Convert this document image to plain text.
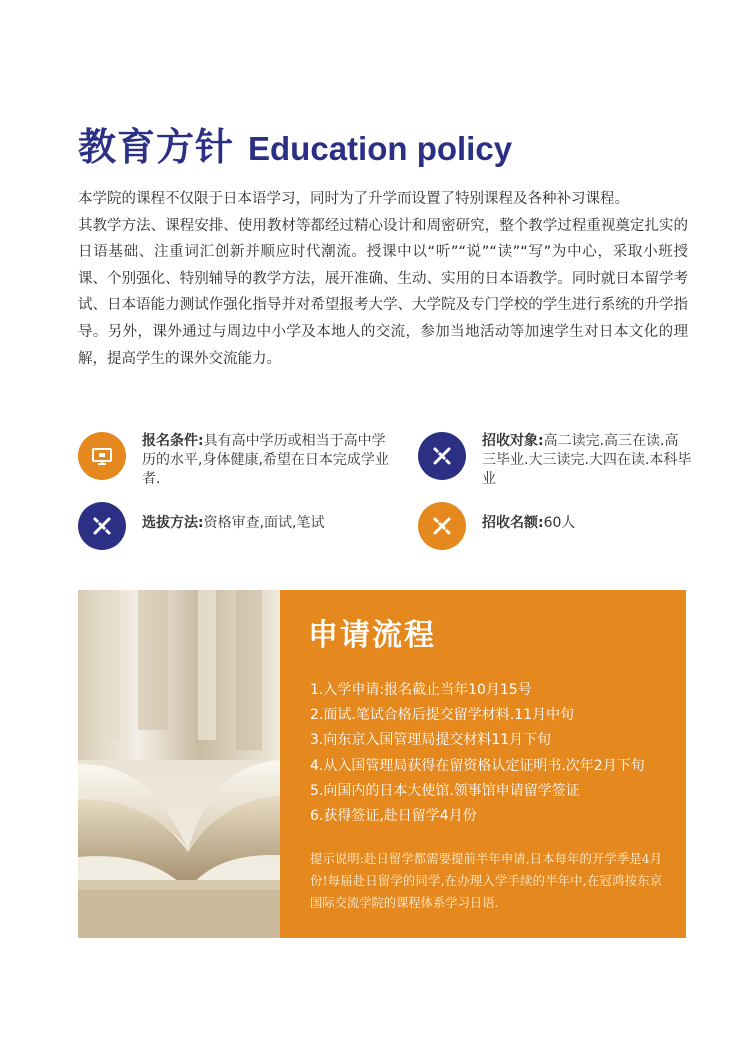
教育方针 Education policy

本学院的课程不仅限于日本语学习，同时为了升学而设置了特别课程及各种补习课程。

其教学方法、课程安排、使用教材等都经过精心设计和周密研究，整个教学过程重视奠定扎实的日语基础、注重词汇创新并顺应时代潮流。授课中以“听”“说”“读”“写”为中心，采取小班授课、个别强化、特别辅导的教学方法，展开准确、生动、实用的日本语教学。同时就日本留学考试、日本语能力测试作强化指导并对希望报考大学、大学院及专门学校的学生进行系统的升学指导。另外，课外通过与周边中小学及本地人的交流，参加当地活动等加速学生对日本文化的理解，提高学生的课外交流能力。

报名条件:具有高中学历或相当于高中学历的水平,身体健康,希望在日本完成学业者.
招收对象:高二读完.高三在读.高三毕业.大三读完.大四在读.本科毕业
选拔方法:资格审查,面试,笔试	招收名额:60人
申请流程
1.入学申请:报名截止当年10月15号
2.面试.笔试合格后提交留学材料.11月中旬
3.向东京入国管理局提交材料11月下旬
4.从入国管理局获得在留资格认定证明书.次年2月下旬
5.向国内的日本大使馆.领事馆申请留学签证
6.获得签证,赴日留学4月份
提示说明:赴日留学都需要提前半年申请,日本每年的开学季是4月份!每届赴日留学的同学,在办理入学手续的半年中,在冠鸿按东京国际交流学院的课程体系学习日语.
